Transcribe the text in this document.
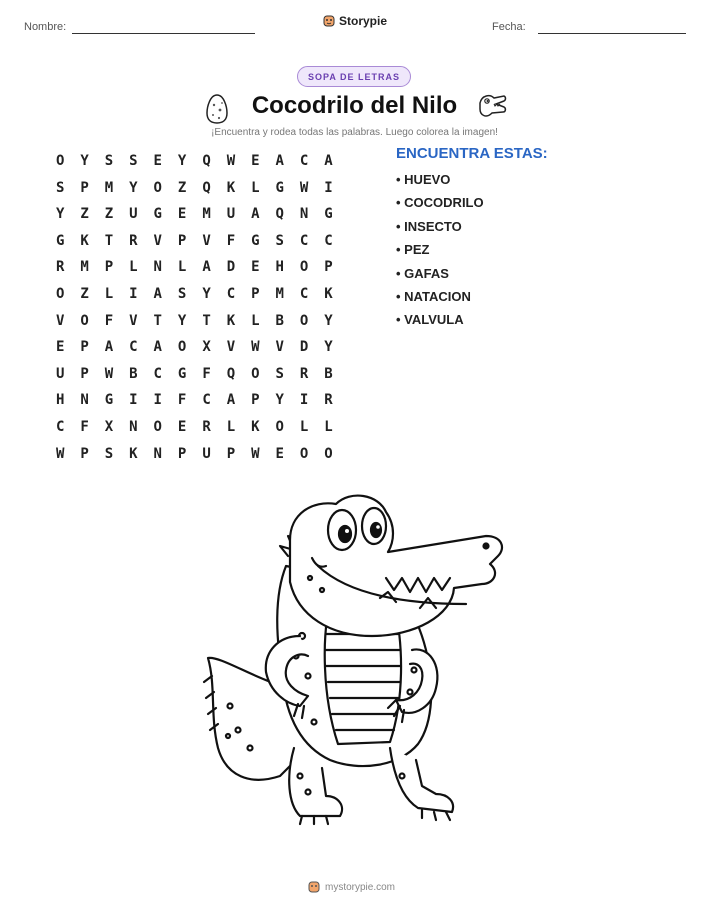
Nombre:	Storypie	Fecha:
SOPA DE LETRAS
Cocodrilo del Nilo
¡Encuentra y rodea todas las palabras. Luego colorea la imagen!
O	Y	S	S	E	Y	Q	W	E	A	C	A
S	P	M	Y	O	Z	Q	K	L	G	W	I
Y	Z	Z	U	G	E	M	U	A	Q	N	G
G	K	T	R	V	P	V	F	G	S	C	C
R	M	P	L	N	L	A	D	E	H	O	P
O	Z	L	I	A	S	Y	C	P	M	C	K
V	O	F	V	T	Y	T	K	L	B	O	Y
E	P	A	C	A	O	X	V	W	V	D	Y
U	P	W	B	C	G	F	Q	O	S	R	B
H	N	G	I	I	F	C	A	P	Y	I	R
C	F	X	N	O	E	R	L	K	O	L	L
W	P	S	K	N	P	U	P	W	E	O	O
ENCUENTRA ESTAS:
• HUEVO
• COCODRILO
• INSECTO
• PEZ
• GAFAS
• NATACION
• VALVULA
mystorypie.com
